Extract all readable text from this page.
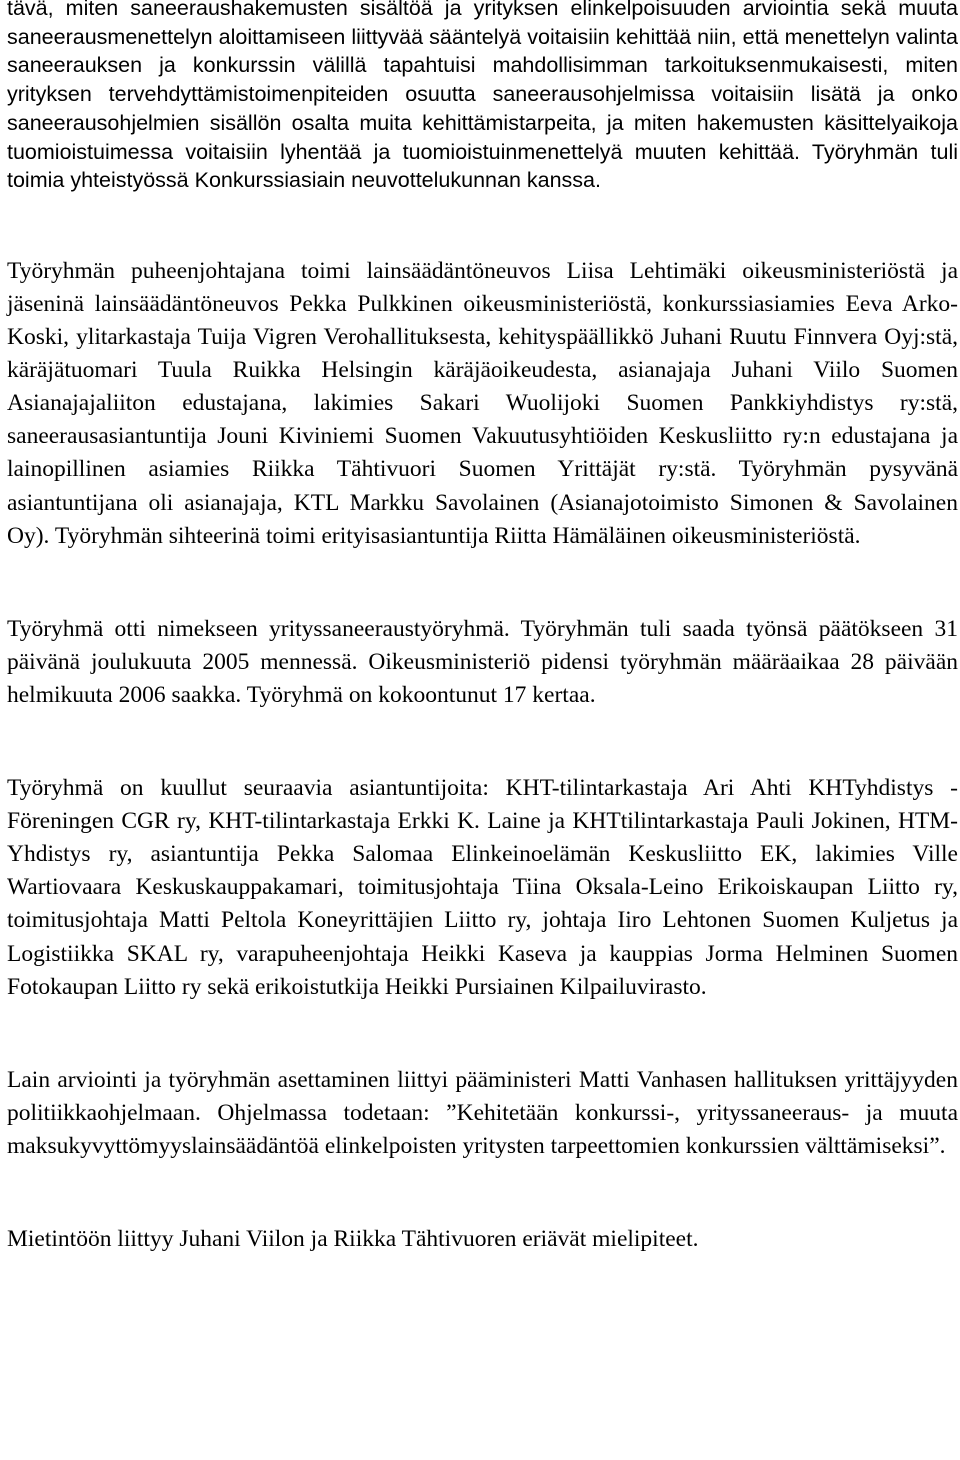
tävä, miten saneeraushakemusten sisältöä ja yrityksen elinkelpoisuuden arviointia sekä muuta saneerausmenettelyn aloittamiseen liittyvää sääntelyä voitaisiin kehittää niin, että menettelyn valinta saneerauksen ja konkurssin välillä tapahtuisi mahdollisimman tarkoituksenmukaisesti, miten yrityksen tervehdyttämistoimenpiteiden osuutta saneerausohjelmissa voitaisiin lisätä ja onko saneerausohjelmien sisällön osalta muita kehittämistarpeita, ja miten hakemusten käsittelyaikoja tuomioistuimessa voitaisiin lyhentää ja tuomioistuinmenettelyä muuten kehittää. Työryhmän tuli toimia yhteistyössä Konkurssiasiain neuvottelukunnan kanssa.

Työryhmän puheenjohtajana toimi lainsäädäntöneuvos Liisa Lehtimäki oikeusministeriöstä ja jäseninä lainsäädäntöneuvos Pekka Pulkkinen oikeusministeriöstä, konkurssiasiamies Eeva Arko-Koski, ylitarkastaja Tuija Vigren Verohallituksesta, kehityspäällikkö Juhani Ruutu Finnvera Oyj:stä, käräjätuomari Tuula Ruikka Helsingin käräjäoikeudesta, asianajaja Juhani Viilo Suomen Asianajajaliiton edustajana, lakimies Sakari Wuolijoki Suomen Pankkiyhdistys ry:stä, saneerausasiantuntija Jouni Kiviniemi Suomen Vakuutusyhtiöiden Keskusliitto ry:n edustajana ja lainopillinen asiamies Riikka Tähtivuori Suomen Yrittäjät ry:stä. Työryhmän pysyvänä asiantuntijana oli asianajaja, KTL Markku Savolainen (Asianajotoimisto Simonen & Savolainen Oy). Työryhmän sihteerinä toimi erityisasiantuntija Riitta Hämäläinen oikeusministeriöstä.

Työryhmä otti nimekseen yrityssaneeraustyöryhmä. Työryhmän tuli saada työnsä päätökseen 31 päivänä joulukuuta 2005 mennessä. Oikeusministeriö pidensi työryhmän määräaikaa 28 päivään helmikuuta 2006 saakka. Työryhmä on kokoontunut 17 kertaa.

Työryhmä on kuullut seuraavia asiantuntijoita: KHT-tilintarkastaja Ari Ahti KHTyhdistys - Föreningen CGR ry, KHT-tilintarkastaja Erkki K. Laine ja KHTtilintarkastaja Pauli Jokinen, HTM-Yhdistys ry, asiantuntija Pekka Salomaa Elinkeinoelämän Keskusliitto EK, lakimies Ville Wartiovaara Keskuskauppakamari, toimitusjohtaja Tiina Oksala-Leino Erikoiskaupan Liitto ry, toimitusjohtaja Matti Peltola Koneyrittäjien Liitto ry, johtaja Iiro Lehtonen Suomen Kuljetus ja Logistiikka SKAL ry, varapuheenjohtaja Heikki Kaseva ja kauppias Jorma Helminen Suomen Fotokaupan Liitto ry sekä erikoistutkija Heikki Pursiainen Kilpailuvirasto.

Lain arviointi ja työryhmän asettaminen liittyi pääministeri Matti Vanhasen hallituksen yrittäjyyden politiikkaohjelmaan. Ohjelmassa todetaan: ”Kehitetään konkurssi-, yrityssaneeraus- ja muuta maksukyvyttömyyslainsäädäntöä elinkelpoisten yritysten tarpeettomien konkurssien välttämiseksi”.

Mietintöön liittyy Juhani Viilon ja Riikka Tähtivuoren eriävät mielipiteet.
